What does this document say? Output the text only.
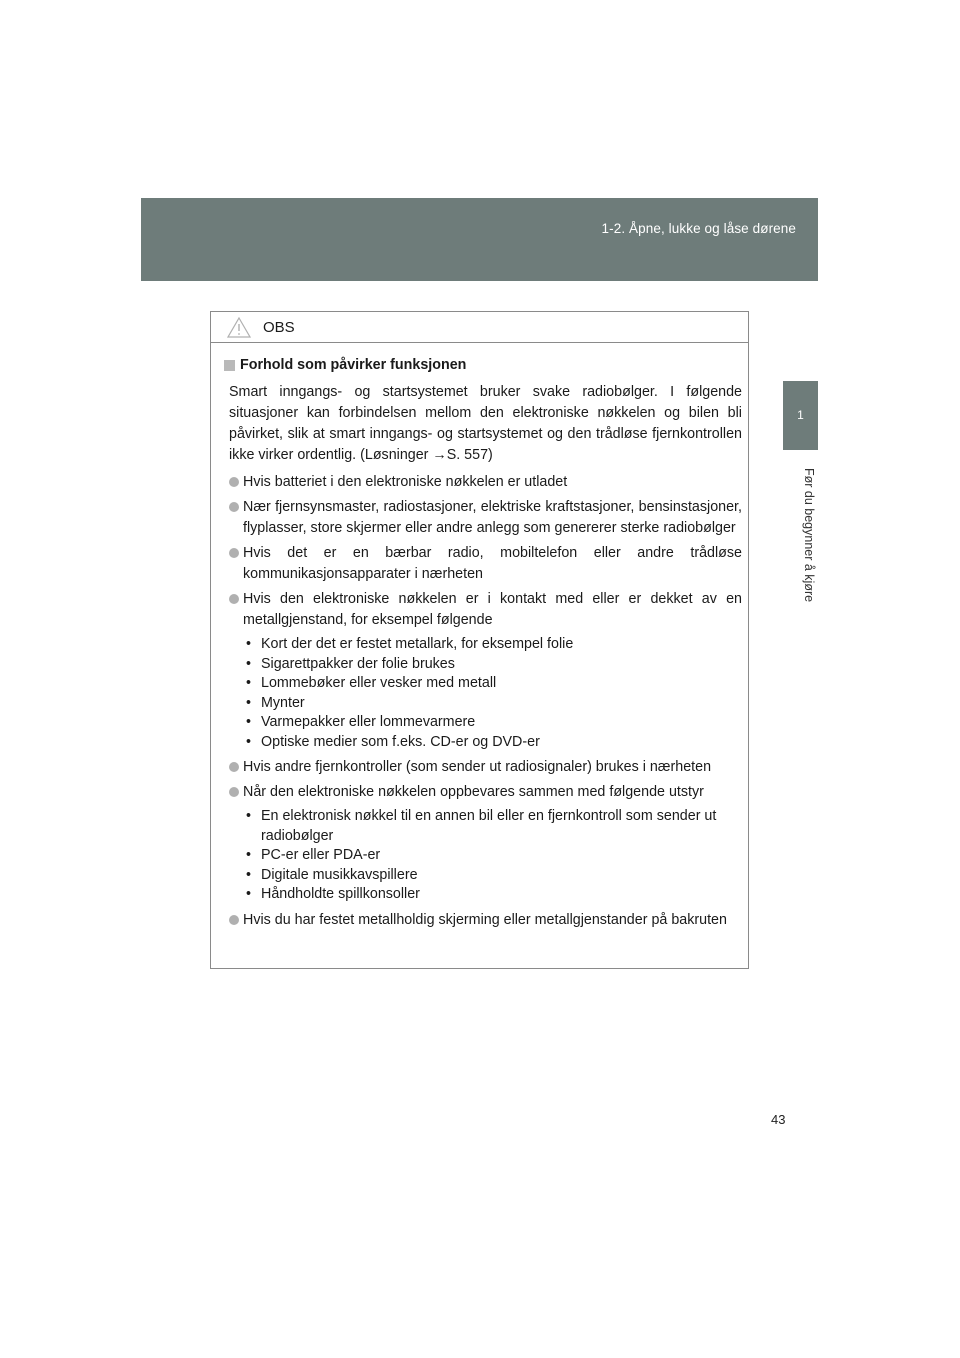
1-2. Åpne, lukke og låse dørene
1
Før du begynner å kjøre
OBS
Forhold som påvirker funksjonen
Smart inngangs- og startsystemet bruker svake radiobølger. I følgende situasjoner kan forbindelsen mellom den elektroniske nøkkelen og bilen bli påvirket, slik at smart inngangs- og startsystemet og den trådløse fjernkontrollen ikke virker ordentlig. (Løsninger →S. 557)
Hvis batteriet i den elektroniske nøkkelen er utladet
Nær fjernsynsmaster, radiostasjoner, elektriske kraftstasjoner, bensinstasjoner, flyplasser, store skjermer eller andre anlegg som genererer sterke radiobølger
Hvis det er en bærbar radio, mobiltelefon eller andre trådløse kommunikasjonsapparater i nærheten
Hvis den elektroniske nøkkelen er i kontakt med eller er dekket av en metallgjenstand, for eksempel følgende
• Kort der det er festet metallark, for eksempel folie
• Sigarettpakker der folie brukes
• Lommebøker eller vesker med metall
• Mynter
• Varmepakker eller lommevarmere
• Optiske medier som f.eks. CD-er og DVD-er
Hvis andre fjernkontroller (som sender ut radiosignaler) brukes i nærheten
Når den elektroniske nøkkelen oppbevares sammen med følgende utstyr
• En elektronisk nøkkel til en annen bil eller en fjernkontroll som sender ut radiobølger
• PC-er eller PDA-er
• Digitale musikkavspillere
• Håndholdte spillkonsoller
Hvis du har festet metallholdig skjerming eller metallgjenstander på bakruten
43
